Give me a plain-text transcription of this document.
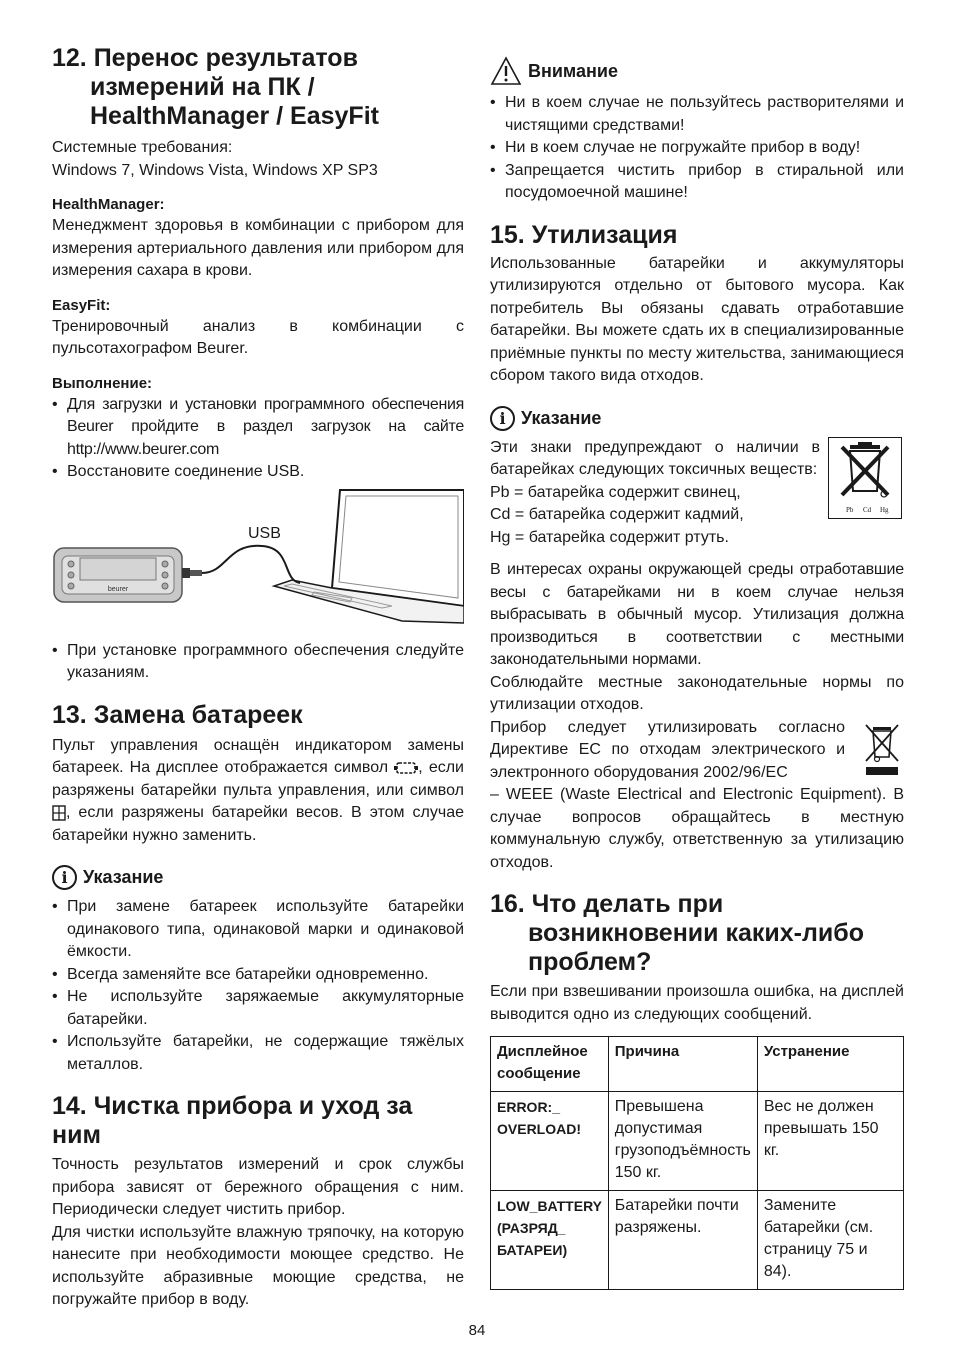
12. Перенос результатов
измерений на ПК /
HealthManager / EasyFit

Системные требования:

Windows 7, Windows Vista, Windows XP SP3

HealthManager:

Менеджмент здоровья в комбинации с прибором для измерения артериального давления или прибором для измерения сахара в крови.

EasyFit:

Тренировочный анализ в комбинации с пульсотахографом Beurer.

Выполнение:

• Для загрузки и установки программного обеспечения Beurer пройдите в раздел загрузок на сайте http://www.beurer.com
• Восстановите соединение USB.
beurer
USB
• При установке программного обеспечения следуйте указаниям.
13. Замена батареек

Пульт управления оснащён индикатором замены батареек. На дисплее отображается символ , если разряжены батарейки пульта управления, или символ , если разряжены батарейки весов. В этом случае батарейки нужно заменить.

i Указание
• При замене батареек используйте батарейки одинакового типа, одинаковой марки и одинаковой ёмкости.
• Всегда заменяйте все батарейки одновременно.
• Не используйте заряжаемые аккумуляторные батарейки.
• Используйте батарейки, не содержащие тяжёлых металлов.
14. Чистка прибора и уход за ним

Точность результатов измерений и срок службы прибора зависят от бережного обращения с ним. Периодически следует чистить прибор.

Для чистки используйте влажную тряпочку, на которую нанесите при необходимости моющее средство. Не используйте абразивные моющие средства, не погружайте прибор в воду.

Внимание
• Ни в коем случае не пользуйтесь растворителями и чистящими средствами!
• Ни в коем случае не погружайте прибор в воду!
• Запрещается чистить прибор в стиральной или посудомоечной машине!
15. Утилизация

Использованные батарейки и аккумуляторы утилизируются отдельно от бытового мусора. Как потребитель Вы обязаны сдавать отработавшие батарейки. Вы можете сдать их в специализированные приёмные пункты по месту жительства, занимающиеся сбором такого вида отходов.

i Указание
Pb Cd Hg

Эти знаки предупреждают о наличии в батарейках следующих токсичных веществ:

Pb = батарейка содержит свинец,

Cd = батарейка содержит кадмий,

Hg = батарейка содержит ртуть.

В интересах охраны окружающей среды отработавшие весы с батарейками ни в коем случае нельзя выбрасывать в обычный мусор. Утилизация должна производиться в соответствии с местными законодательными нормами.

Соблюдайте местные законодательные нормы по утилизации отходов.

Прибор следует утилизировать согласно Директиве ЕС по отходам электрического и электронного оборудования 2002/96/EC

– WEEE (Waste Electrical and Electronic Equipment). В случае вопросов обращайтесь в местную коммунальную службу, ответственную за утилизацию отходов.

16. Что делать при
возникновении каких-либо
проблем?

Если при взвешивании произошла ошибка, на дисплей выводится одно из следующих сообщений.

Дисплейное сообщение	Причина	Устранение
ERROR:_ OVERLOAD!	Превышена допустимая грузоподъёмность 150 кг.	Вес не должен превышать 150 кг.
LOW_BATTERY (РАЗРЯД_ БАТАРЕИ)	Батарейки почти разряжены.	Замените батарейки (см. страницу 75 и 84).
84
